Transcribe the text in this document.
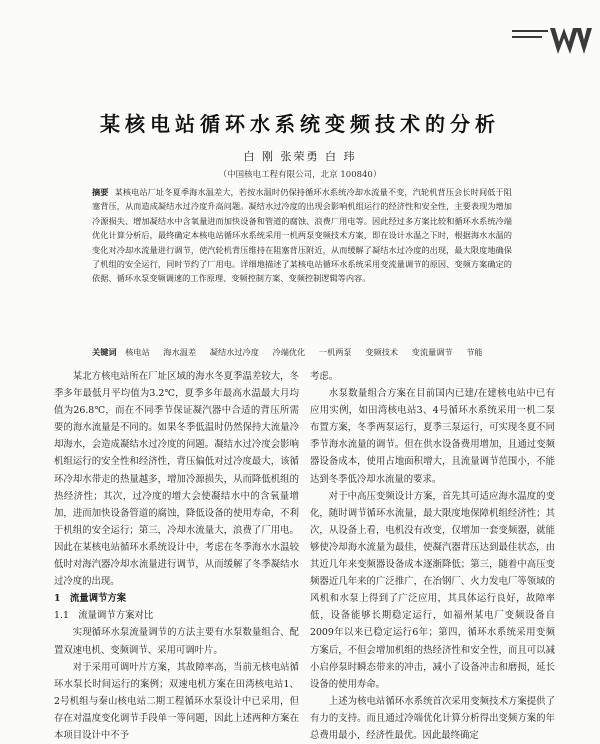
某核电站循环水系统变频技术的分析
白 刚 张荣勇 白 玮
（中国核电工程有限公司，北京 100840）
摘要 某核电站厂址冬夏季海水温差大，若按水温时仍保持循环水系统冷却水流量不变，汽轮机背压会长时间低于阻塞背压，从而造成凝结水过冷度升高问题。凝结水过冷度的出现会影响机组运行的经济性和安全性，主要表现为增加冷源损失、增加凝结水中含氧量进而加快设备和管道的腐蚀、浪费厂用电等。因此经过多方案比较和循环水系统冷端优化计算分析后，最终确定本核电站循环水系统采用一机两泵变频技术方案，即在设计水温之下时，根据海水水温的变化对冷却水流量进行调节，使汽轮机背压维持在阻塞背压附近，从而缓解了凝结水过冷度的出现，最大限度地确保了机组的安全运行，同时节约了厂用电。详细地描述了某核电站循环水系统采用变流量调节的原因、变频方案确定的依据、循环水泵变频调速的工作原理、变频控制方案、变频控制逻辑等内容。
关键词 核电站 海水温差 凝结水过冷度 冷端优化 一机两泵 变频技术 变流量调节 节能

某北方核电站所在厂址区域的海水冬夏季温差较大，冬季多年最低月平均值为3.2℃，夏季多年最高水温最大月均值为26.8℃，而在不同季节保证凝汽器中合适的背压所需要的海水流量是不同的。如果冬季低温时仍然保持大流量冷却海水，会造成凝结水过冷度的问题。凝结水过冷度会影响机组运行的安全性和经济性，背压偏低对过冷度最大，该循环冷却水带走的热量越多，增加冷源损失，从而降低机组的热经济性；其次，过冷度的增大会使凝结水中的含氧量增加，进而加快设备管道的腐蚀，降低设备的使用寿命，不利于机组的安全运行；第三，冷却水流量大，浪费了厂用电。因此在某核电站循环水系统设计中，考虑在冬季海水水温较低时对海汽器冷却水流量进行调节，从而缓解了冬季凝结水过冷度的出现。

1　流量调节方案

1.1　流量调节方案对比

实现循环水泵流量调节的方法主要有水泵数量组合、配置双速电机、变频调节、采用可调叶片。

对于采用可调叶片方案，其故障率高，当前无核电站循环水泵长时间运行的案例；双速电机方案在田湾核电站1、2号机组与秦山核电站二期工程循环水泵设计中已采用，但存在对温度变化调节手段单一等问题，因此上述两种方案在本项目设计中不予

考虑。

水泵数量组合方案在目前国内已建/在建核电站中已有应用实例，如田湾核电站3、4号循环水系统采用一机二泵布置方案，冬季两泵运行，夏季三泵运行，可实现冬夏不同季节海水流量的调节。但在供水设备费用增加，且通过变频器设备成本，使用占地面积增大，且流量调节范围小，不能达到冬季低冷却水流量的要求。

对于中高压变频设计方案，首先其可适应海水温度的变化，随时调节循环水流量，最大限度地保障机组经济性；其次，从设备上看，电机没有改变，仅增加一套变频器，就能够使冷却海水流量为最佳，使凝汽器背压达到最佳状态，由其近几年来变频器设备成本逐渐降低；第三，随着中高压变频器近几年来的广泛推广，在冶钢厂、火力发电厂等领域的风机和水泵上得到了广泛应用，其具体运行良好，故障率低，设备能够长期稳定运行，如福州某电厂变频设备自2009年以来已稳定运行6年；第四，循环水系统采用变频方案后，不但会增加机组的热经济性和安全性，而且可以减小启停泵时瞬态带来的冲击，减小了设备冲击和磨损，延长设备的使用寿命。

上述为核电站循环水系统首次采用变频技术方案提供了有力的支持。而且通过冷端优化计算分析得出变频方案的年总费用最小，经济性最优。因此最终确定
